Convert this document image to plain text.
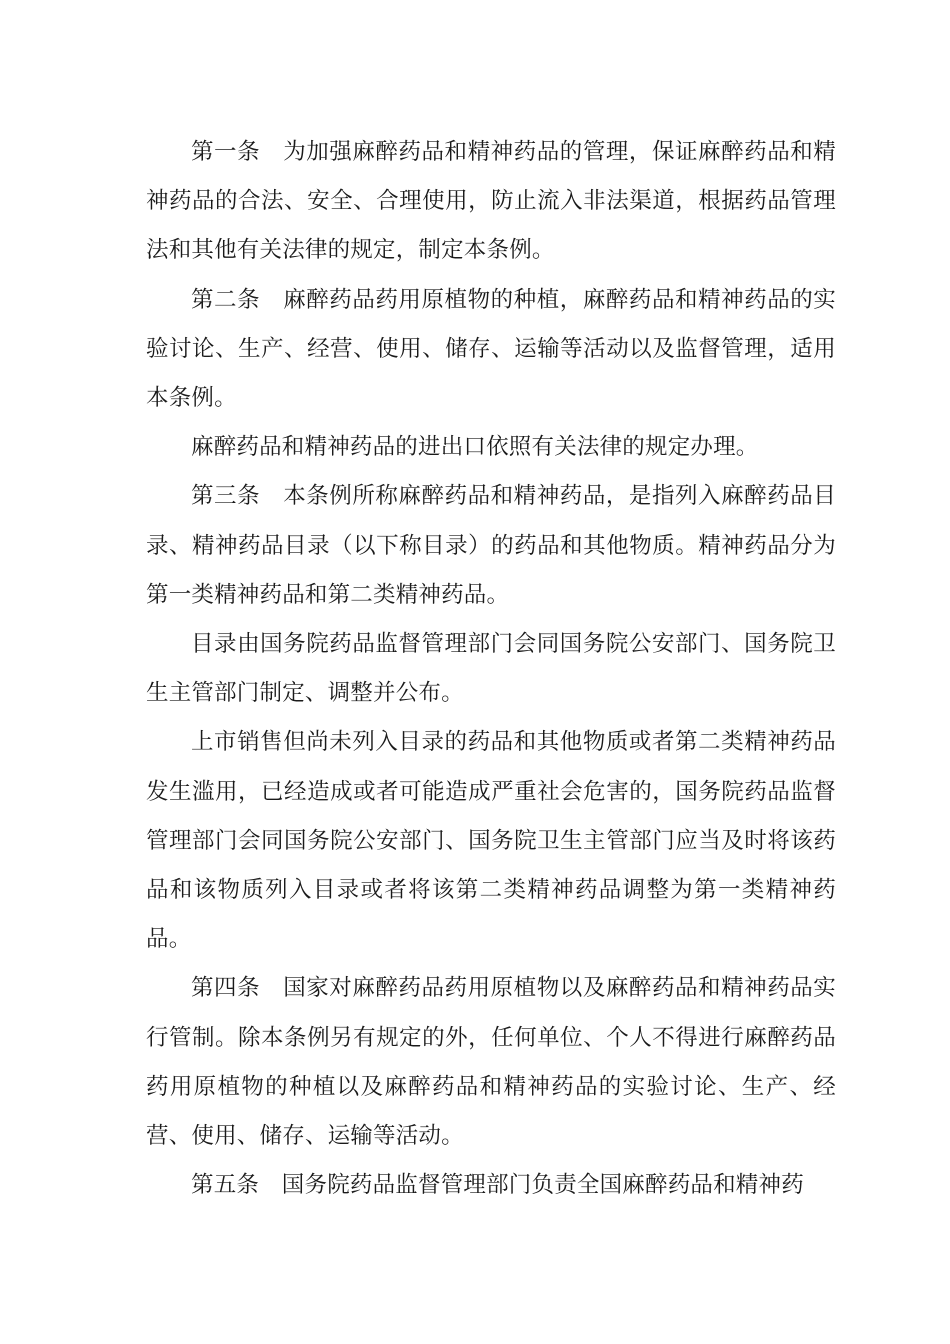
第一条　为加强麻醉药品和精神药品的管理，保证麻醉药品和精神药品的合法、安全、合理使用，防止流入非法渠道，根据药品管理法和其他有关法律的规定，制定本条例。

第二条　麻醉药品药用原植物的种植，麻醉药品和精神药品的实验讨论、生产、经营、使用、储存、运输等活动以及监督管理，适用本条例。

麻醉药品和精神药品的进出口依照有关法律的规定办理。

第三条　本条例所称麻醉药品和精神药品，是指列入麻醉药品目录、精神药品目录（以下称目录）的药品和其他物质。精神药品分为第一类精神药品和第二类精神药品。

目录由国务院药品监督管理部门会同国务院公安部门、国务院卫生主管部门制定、调整并公布。

上市销售但尚未列入目录的药品和其他物质或者第二类精神药品发生滥用，已经造成或者可能造成严重社会危害的，国务院药品监督管理部门会同国务院公安部门、国务院卫生主管部门应当及时将该药品和该物质列入目录或者将该第二类精神药品调整为第一类精神药品。

第四条　国家对麻醉药品药用原植物以及麻醉药品和精神药品实行管制。除本条例另有规定的外，任何单位、个人不得进行麻醉药品药用原植物的种植以及麻醉药品和精神药品的实验讨论、生产、经营、使用、储存、运输等活动。

第五条　国务院药品监督管理部门负责全国麻醉药品和精神药
